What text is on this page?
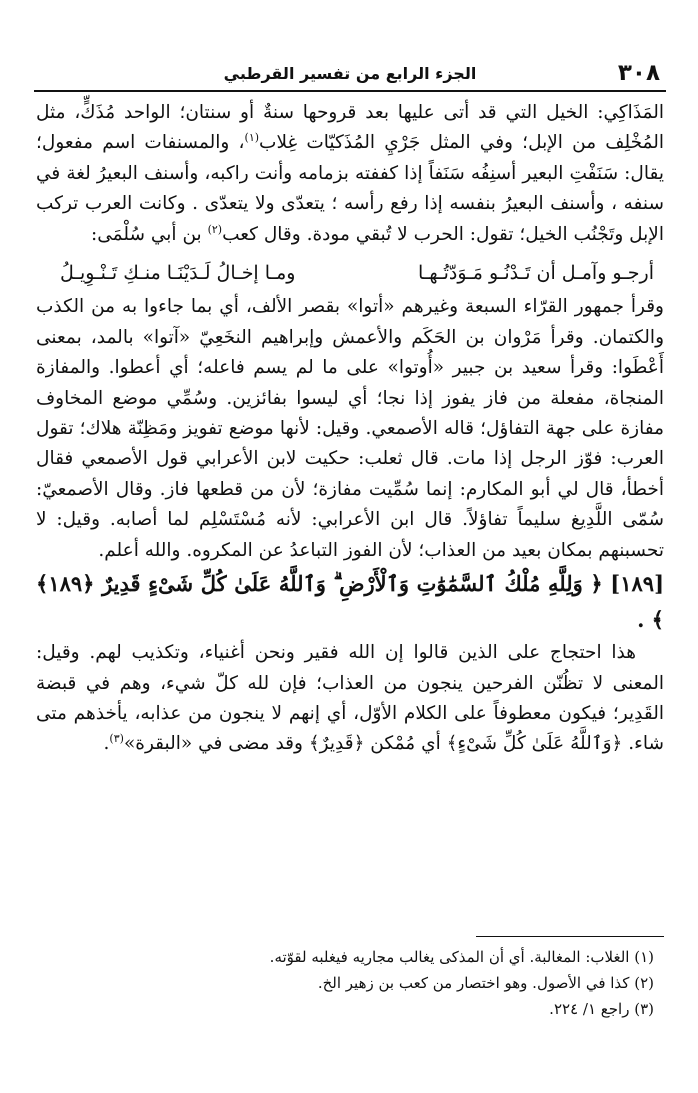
٣٠٨
الجزء الرابع من تفسير القرطبي

المَذَاكِي: الخيل التي قد أتى عليها بعد قروحها سنةٌ أو سنتان؛ الواحد مُذَكٍّ، مثل المُخْلِف من الإبل؛ وفي المثل جَرْيِ المُذَكيّات غِلاب$^{(١)}$، والمسنفات اسم مفعول؛ يقال: سَنَفْتِ البعير أسنِفُه سَنَفاً إذا كففته بزمامه وأنت راكبه، وأسنف البعيرُ لغة في سنفه ، وأسنف البعيرُ بنفسه إذا رفع رأسه ؛ يتعدّى ولا يتعدّى . وكانت العرب تركب الإبل وتَجْنُب الخيل؛ تقول: الحرب لا تُبقي مودة. وقال كعب$^{(٢)}$ بن أبي سُلْمَى:

أرجـو وآمـل أن تَـدْنُـو مَـوَدّتُـهـا
ومـا إخـالُ لَـدَيْنَـا منـكِ تَـنْـوِيـلُ

وقرأ جمهور القرّاء السبعة وغيرهم «أتوا» بقصر الألف، أي بما جاءوا به من الكذب والكتمان. وقرأ مَرْوان بن الحَكَم والأعمش وإبراهيم النخَعِيّ «آتوا» بالمد، بمعنى أَعْطَوا: وقرأ سعيد بن جبير «أُوتوا» على ما لم يسم فاعله؛ أي أعطوا. والمفازة المنجاة، مفعلة من فاز يفوز إذا نجا؛ أي ليسوا بفائزين. وسُمِّي موضع المخاوف مفازة على جهة التفاؤل؛ قاله الأصمعي. وقيل: لأنها موضع تفويز ومَظِنّة هلاك؛ تقول العرب: فوّز الرجل إذا مات. قال ثعلب: حكيت لابن الأعرابي قول الأصمعي فقال أخطأ، قال لي أبو المكارم: إنما سُمِّيت مفازة؛ لأن من قطعها فاز. وقال الأصمعيّ: سُمّى اللَّدِيغ سليماً تفاؤلاً. قال ابن الأعرابي: لأنه مُسْتَسْلِم لما أصابه. وقيل: لا تحسبنهم بمكان بعيد من العذاب؛ لأن الفوز التباعدُ عن المكروه. والله أعلم.

[١٨٩] ﴿ وَلِلَّهِ مُلْكُ ٱلسَّمَٰوَٰتِ وَٱلْأَرْضِ ۗ وَٱللَّهُ عَلَىٰ كُلِّ شَىْءٍ قَدِيرٌ ﴿١٨٩﴾ ﴾ .

هذا احتجاج على الذين قالوا إن الله فقير ونحن أغنياء، وتكذيب لهم. وقيل: المعنى لا تظُنّن الفرحين ينجون من العذاب؛ فإن لله كلّ شيء، وهم في قبضة القَدِير؛ فيكون معطوفاً على الكلام الأوّل، أي إنهم لا ينجون من عذابه، يأخذهم متى شاء. ﴿وَٱللَّهُ عَلَىٰ كُلِّ شَىْءٍ﴾ أي مُمْكن ﴿قَدِيرٌ﴾ وقد مضى في «البقرة»$^{(٣)}$.

(١) الغلاب: المغالبة. أي أن المذكى يغالب مجاريه فيغلبه لقوّته.

(٢) كذا في الأصول. وهو اختصار من كعب بن زهير الخ.

(٣) راجع ١/ ٢٢٤.
